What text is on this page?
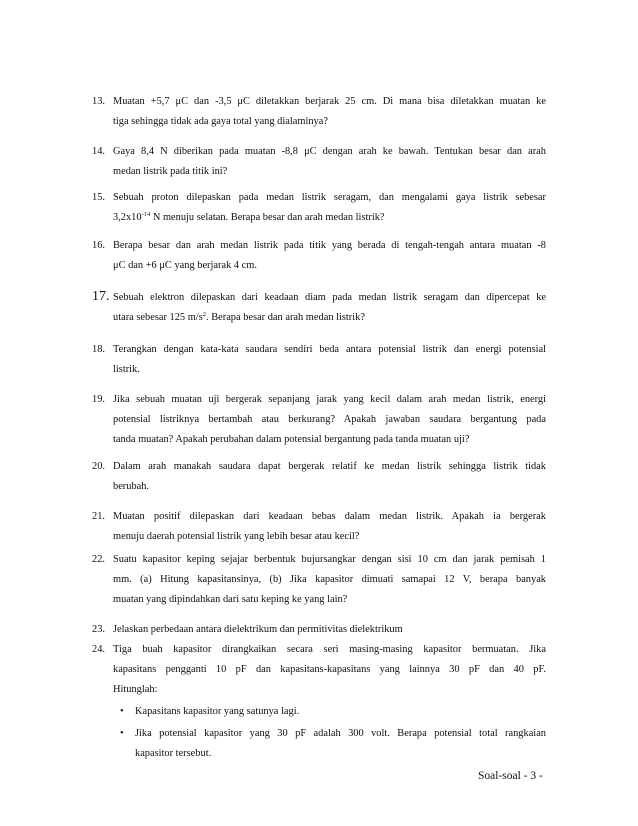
13. Muatan +5,7 μC dan -3,5 μC diletakkan berjarak 25 cm. Di mana bisa diletakkan muatan ke
tiga sehingga tidak ada gaya total yang dialaminya?
14. Gaya 8,4 N diberikan pada muatan -8,8 μC dengan arah ke bawah. Tentukan besar dan arah
medan listrik pada titik ini?
15. Sebuah proton dilepaskan pada medan listrik seragam, dan mengalami gaya listrik sebesar
$3,2x10^{-14}$ N menuju selatan. Berapa besar dan arah medan listrik?
16. Berapa besar dan arah medan listrik pada titik yang berada di tengah-tengah antara muatan -8
μC dan +6 μC yang berjarak 4 cm.
17. Sebuah elektron dilepaskan dari keadaan diam pada medan listrik seragam dan dipercepat ke
utara sebesar 125 $m/s^2$. Berapa besar dan arah medan listrik?
18. Terangkan dengan kata-kata saudara sendiri beda antara potensial listrik dan energi potensial
listrik.
19. Jika sebuah muatan uji bergerak sepanjang jarak yang kecil dalam arah medan listrik, energi
potensial listriknya bertambah atau berkurang? Apakah jawaban saudara bergantung pada
tanda muatan? Apakah perubahan dalam potensial bergantung pada tanda muatan uji?
20. Dalam arah manakah saudara dapat bergerak relatif ke medan listrik sehingga listrik tidak
berubah.
21. Muatan positif dilepaskan dari keadaan bebas dalam medan listrik. Apakah ia bergerak
menuju daerah potensial listrik yang lebih besar atau kecil?
22. Suatu kapasitor keping sejajar berbentuk bujursangkar dengan sisi 10 cm dan jarak pemisah 1
mm. (a) Hitung kapasitansinya, (b) Jika kapasitor dimuati samapai 12 V, berapa banyak
muatan yang dipindahkan dari satu keping ke yang lain?
23. Jelaskan perbedaan antara dielektrikum dan permitivitas dielektrikum
24. Tiga buah kapasitor dirangkaikan secara seri masing-masing kapasitor bermuatan. Jika
kapasitans pengganti 10 pF dan kapasitans-kapasitans yang lainnya 30 pF dan 40 pF.
Hitunglah:
• Kapasitans kapasitor yang satunya lagi.
• Jika potensial kapasitor yang 30 pF adalah 300 volt. Berapa potensial total rangkaian
kapasitor tersebut.
Soal-soal - 3 -
